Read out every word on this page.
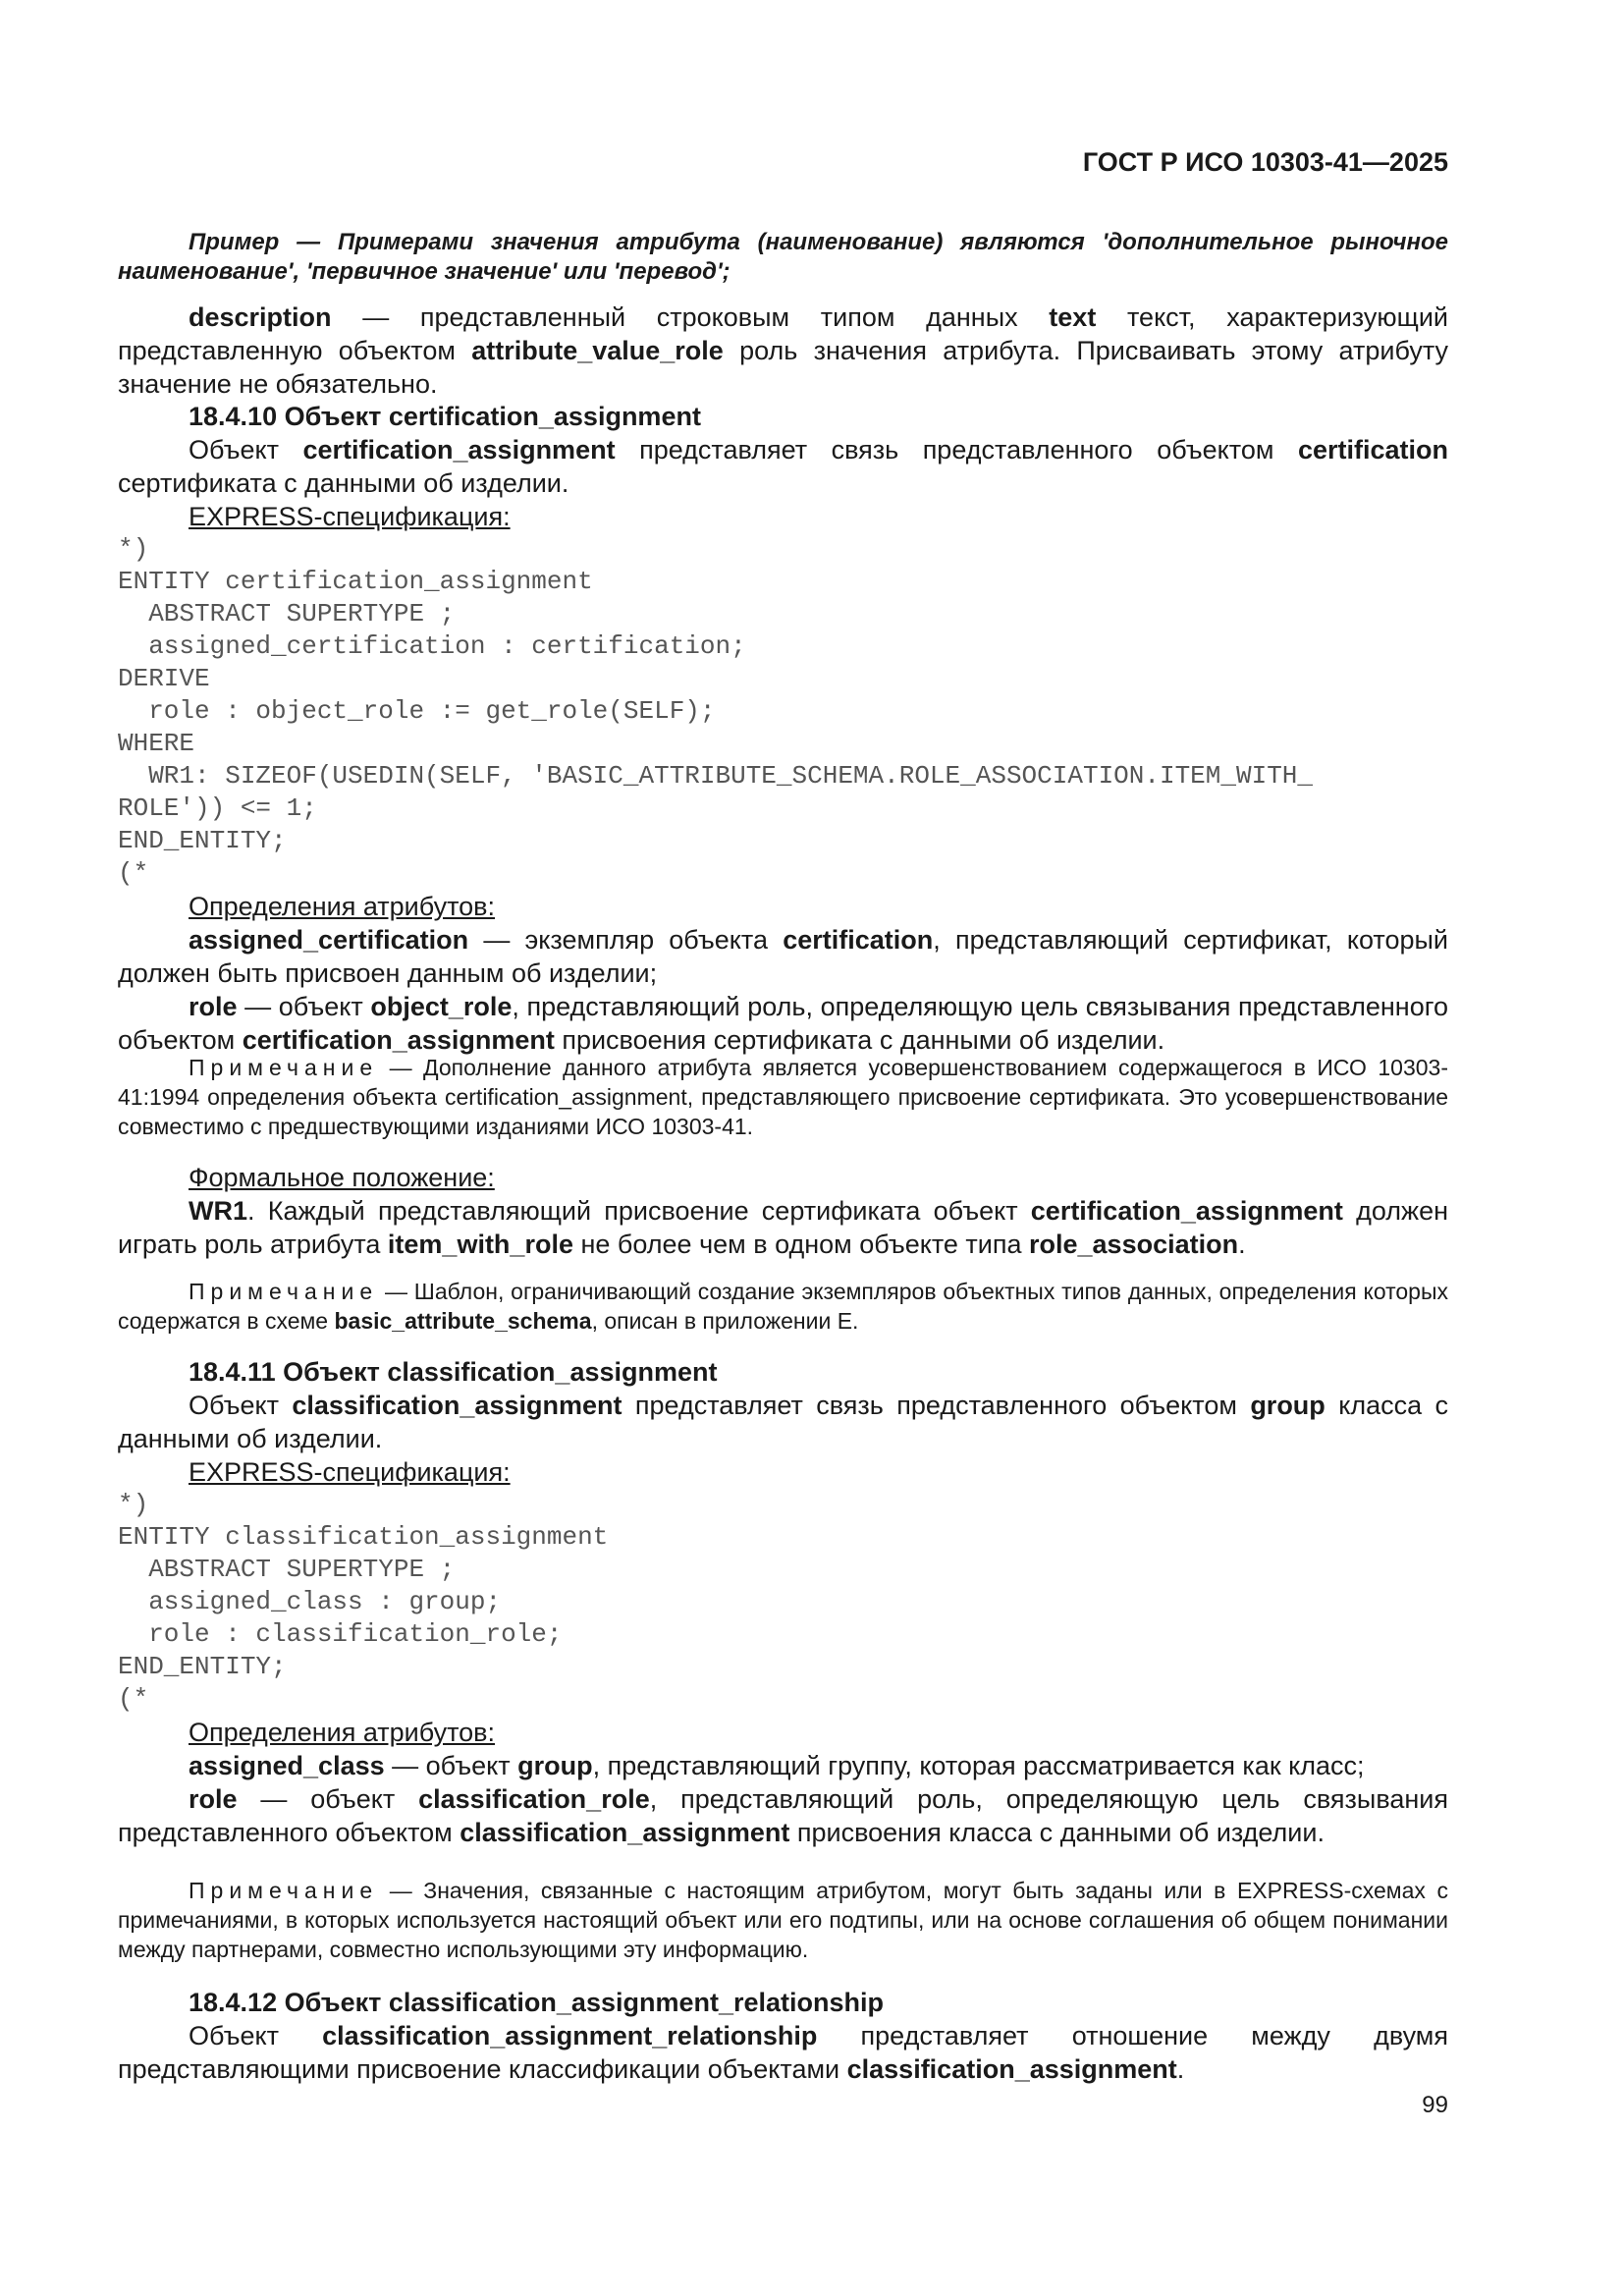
ГОСТ Р ИСО 10303-41—2025

Пример — Примерами значения атрибута (наименование) являются 'дополнительное рыночное наименование', 'первичное значение' или 'перевод';

description — представленный строковым типом данных text текст, характеризующий представленную объектом attribute_value_role роль значения атрибута. Присваивать этому атрибуту значение не обязательно.

18.4.10 Объект certification_assignment

Объект certification_assignment представляет связь представленного объектом certification сертификата с данными об изделии.

EXPRESS-спецификация:

*)
ENTITY certification_assignment
ABSTRACT SUPERTYPE ;
assigned_certification : certification;
DERIVE
role : object_role := get_role(SELF);
WHERE
WR1: SIZEOF(USEDIN(SELF, 'BASIC_ATTRIBUTE_SCHEMA.ROLE_ASSOCIATION.ITEM_WITH_
ROLE')) <= 1;
END_ENTITY;
(*

Определения атрибутов:

assigned_certification — экземпляр объекта certification, представляющий сертификат, который должен быть присвоен данным об изделии;

role — объект object_role, представляющий роль, определяющую цель связывания представленного объектом certification_assignment присвоения сертификата с данными об изделии.

Примечание — Дополнение данного атрибута является усовершенствованием содержащегося в ИСО 10303-41:1994 определения объекта certification_assignment, представляющего присвоение сертификата. Это усовершенствование совместимо с предшествующими изданиями ИСО 10303-41.

Формальное положение:

WR1. Каждый представляющий присвоение сертификата объект certification_assignment должен играть роль атрибута item_with_role не более чем в одном объекте типа role_association.

Примечание — Шаблон, ограничивающий создание экземпляров объектных типов данных, определения которых содержатся в схеме basic_attribute_schema, описан в приложении Е.

18.4.11 Объект classification_assignment

Объект classification_assignment представляет связь представленного объектом group класса с данными об изделии.

EXPRESS-спецификация:

*)
ENTITY classification_assignment
ABSTRACT SUPERTYPE ;
assigned_class : group;
role : classification_role;
END_ENTITY;
(*

Определения атрибутов:

assigned_class — объект group, представляющий группу, которая рассматривается как класс;

role — объект classification_role, представляющий роль, определяющую цель связывания представленного объектом classification_assignment присвоения класса с данными об изделии.

Примечание — Значения, связанные с настоящим атрибутом, могут быть заданы или в EXPRESS-схемах с примечаниями, в которых используется настоящий объект или его подтипы, или на основе соглашения об общем понимании между партнерами, совместно использующими эту информацию.

18.4.12 Объект classification_assignment_relationship

Объект classification_assignment_relationship представляет отношение между двумя представляющими присвоение классификации объектами classification_assignment.

99
